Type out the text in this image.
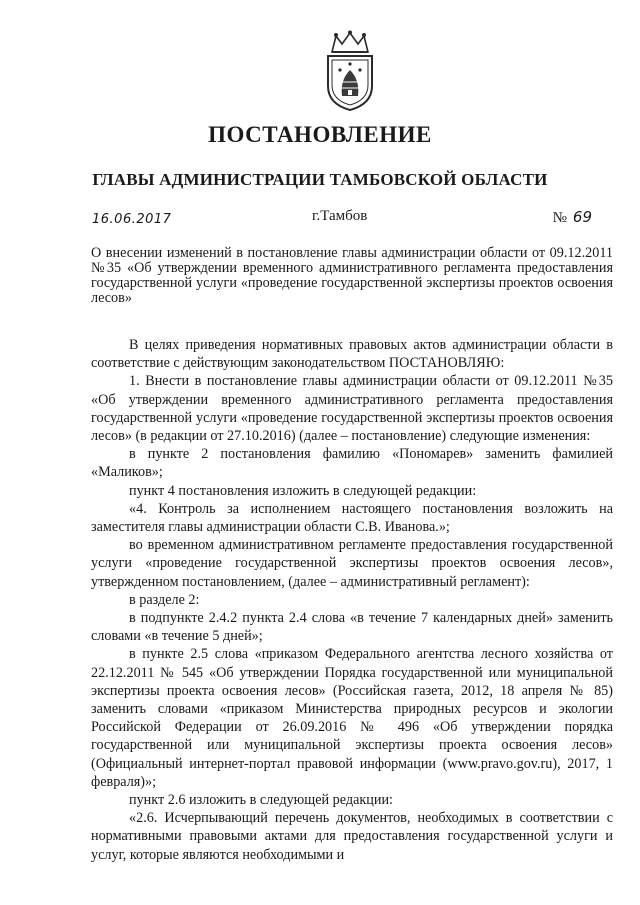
ПОСТАНОВЛЕНИЕ
ГЛАВЫ АДМИНИСТРАЦИИ ТАМБОВСКОЙ ОБЛАСТИ
16.06.2017	г.Тамбов	№ 69
О внесении изменений в постановление главы администрации области от 09.12.2011 №35 «Об утверждении временного административного регламента предоставления государственной услуги «проведение государственной экспертизы проектов освоения лесов»

В целях приведения нормативных правовых актов администрации области в соответствие с действующим законодательством ПОСТАНОВЛЯЮ:

1. Внести в постановление главы администрации области от 09.12.2011 №35 «Об утверждении временного административного регламента предоставления государственной услуги «проведение государственной экспертизы проектов освоения лесов» (в редакции от 27.10.2016) (далее – постановление) следующие изменения:

в пункте 2 постановления фамилию «Пономарев» заменить фамилией «Маликов»;

пункт 4 постановления изложить в следующей редакции:

«4. Контроль за исполнением настоящего постановления возложить на заместителя главы администрации области С.В. Иванова.»;

во временном административном регламенте предоставления государственной услуги «проведение государственной экспертизы проектов освоения лесов», утвержденном постановлением, (далее – административный регламент):

в разделе 2:

в подпункте 2.4.2 пункта 2.4 слова «в течение 7 календарных дней» заменить словами «в течение 5 дней»;

в пункте 2.5 слова «приказом Федерального агентства лесного хозяйства от 22.12.2011 № 545 «Об утверждении Порядка государственной или муниципальной экспертизы проекта освоения лесов» (Российская газета, 2012, 18 апреля № 85) заменить словами «приказом Министерства природных ресурсов и экологии Российской Федерации от 26.09.2016 № 496 «Об утверждении порядка государственной или муниципальной экспертизы проекта освоения лесов» (Официальный интернет-портал правовой информации (www.pravo.gov.ru), 2017, 1 февраля)»;

пункт 2.6 изложить в следующей редакции:

«2.6. Исчерпывающий перечень документов, необходимых в соответствии с нормативными правовыми актами для предоставления государственной услуги и услуг, которые являются необходимыми и
